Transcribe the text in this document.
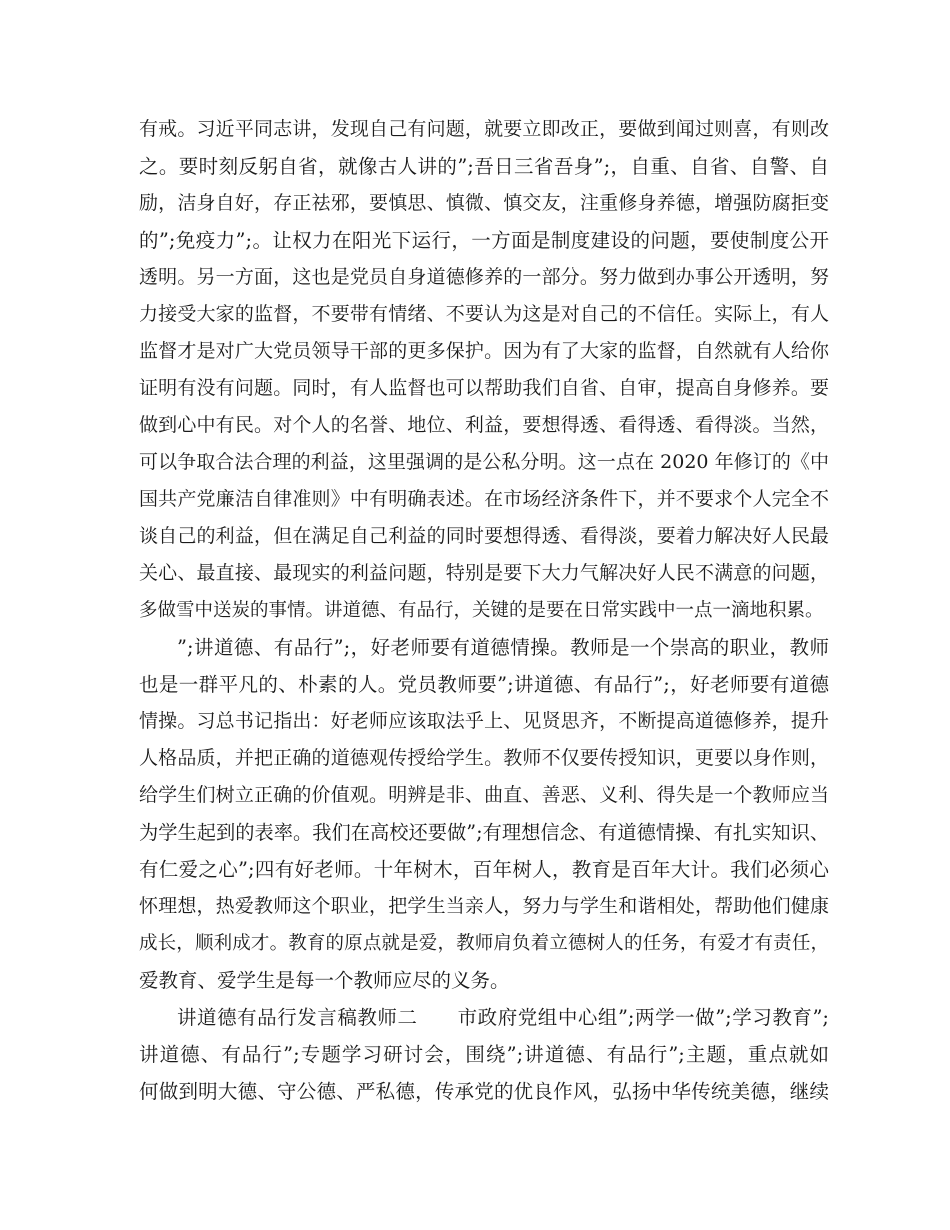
有戒。习近平同志讲，发现自己有问题，就要立即改正，要做到闻过则喜，有则改
之。要时刻反躬自省，就像古人讲的”;吾日三省吾身”;，自重、自省、自警、自
励，洁身自好，存正祛邪，要慎思、慎微、慎交友，注重修身养德，增强防腐拒变
的”;免疫力”;。让权力在阳光下运行，一方面是制度建设的问题，要使制度公开
透明。另一方面，这也是党员自身道德修养的一部分。努力做到办事公开透明，努
力接受大家的监督，不要带有情绪、不要认为这是对自己的不信任。实际上，有人
监督才是对广大党员领导干部的更多保护。因为有了大家的监督，自然就有人给你
证明有没有问题。同时，有人监督也可以帮助我们自省、自审，提高自身修养。要
做到心中有民。对个人的名誉、地位、利益，要想得透、看得透、看得淡。当然，
可以争取合法合理的利益，这里强调的是公私分明。这一点在 2020 年修订的《中
国共产党廉洁自律准则》中有明确表述。在市场经济条件下，并不要求个人完全不
谈自己的利益，但在满足自己利益的同时要想得透、看得淡，要着力解决好人民最
关心、最直接、最现实的利益问题，特别是要下大力气解决好人民不满意的问题，
多做雪中送炭的事情。讲道德、有品行，关键的是要在日常实践中一点一滴地积累。
”;讲道德、有品行”;，好老师要有道德情操。教师是一个崇高的职业，教师
也是一群平凡的、朴素的人。党员教师要”;讲道德、有品行”;，好老师要有道德
情操。习总书记指出：好老师应该取法乎上、见贤思齐，不断提高道德修养，提升
人格品质，并把正确的道德观传授给学生。教师不仅要传授知识，更要以身作则，
给学生们树立正确的价值观。明辨是非、曲直、善恶、义利、得失是一个教师应当
为学生起到的表率。我们在高校还要做”;有理想信念、有道德情操、有扎实知识、
有仁爱之心”;四有好老师。十年树木，百年树人，教育是百年大计。我们必须心
怀理想，热爱教师这个职业，把学生当亲人，努力与学生和谐相处，帮助他们健康
成长，顺利成才。教育的原点就是爱，教师肩负着立德树人的任务，有爱才有责任，
爱教育、爱学生是每一个教师应尽的义务。
讲道德有品行发言稿教师二　　市政府党组中心组”;两学一做”;学习教育”;
讲道德、有品行”;专题学习研讨会，围绕”;讲道德、有品行”;主题，重点就如
何做到明大德、守公德、严私德，传承党的优良作风，弘扬中华传统美德，继续
